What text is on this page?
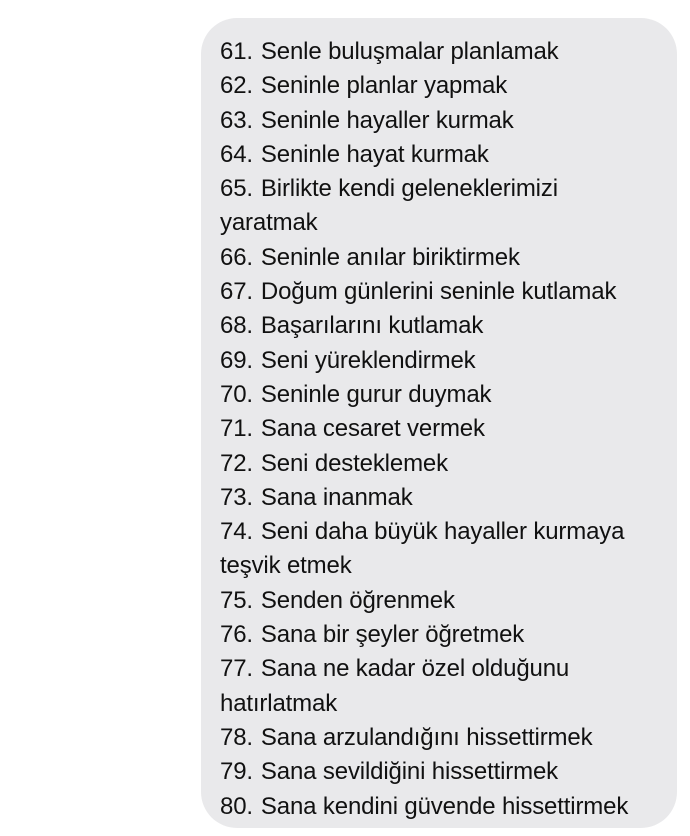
61. Senle buluşmalar planlamak
62. Seninle planlar yapmak
63. Seninle hayaller kurmak
64. Seninle hayat kurmak
65. Birlikte kendi geleneklerimizi
yaratmak
66. Seninle anılar biriktirmek
67. Doğum günlerini seninle kutlamak
68. Başarılarını kutlamak
69. Seni yüreklendirmek
70. Seninle gurur duymak
71. Sana cesaret vermek
72. Seni desteklemek
73. Sana inanmak
74. Seni daha büyük hayaller kurmaya
teşvik etmek
75. Senden öğrenmek
76. Sana bir şeyler öğretmek
77. Sana ne kadar özel olduğunu
hatırlatmak
78. Sana arzulandığını hissettirmek
79. Sana sevildiğini hissettirmek
80. Sana kendini güvende hissettirmek
